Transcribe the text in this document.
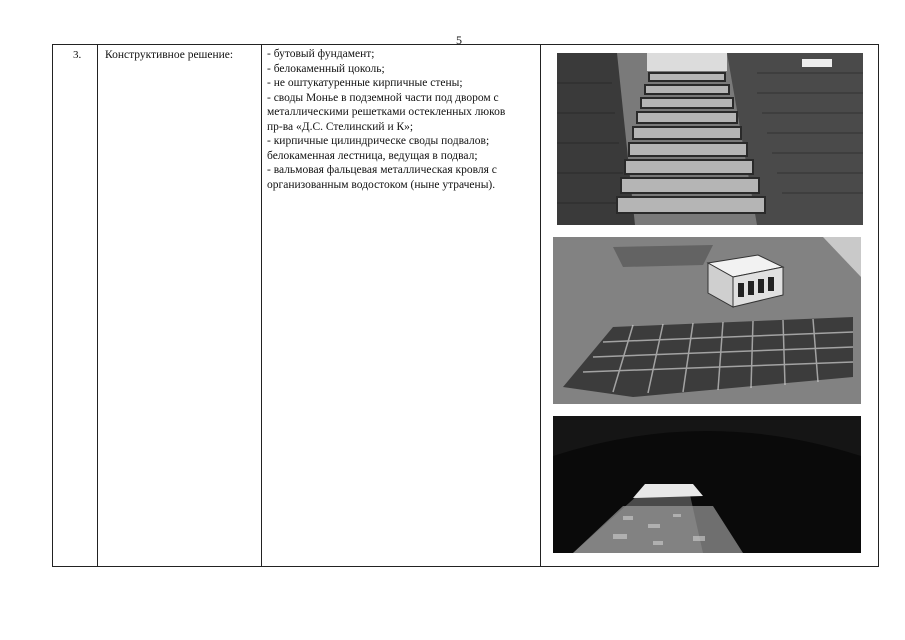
5
3. Конструктивное решение:	- бутовый фундамент;
- белокаменный цоколь;
- не оштукатуренные кирпичные стены;
- своды Монье в подземной части под двором с
металлическими решетками остекленных люков
пр-ва «Д.С. Стелинский и К»;
- кирпичные цилиндрическе своды подвалов;
белокаменная лестница, ведущая в подвал;
- вальмовая фальцевая металлическая кровля с
организованным водостоком (ныне утрачены).
